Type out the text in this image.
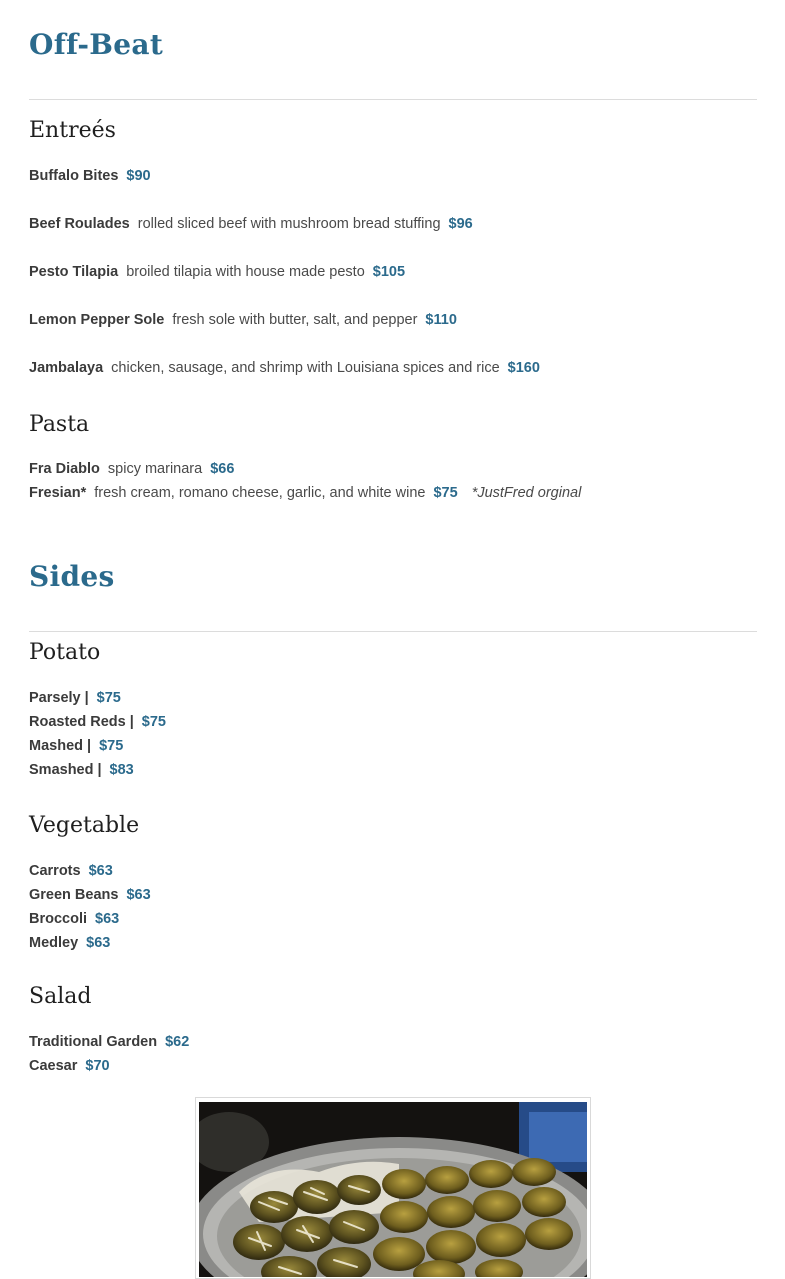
Off-Beat
Entreés
Buffalo Bites $90
Beef Roulades rolled sliced beef with mushroom bread stuffing $96
Pesto Tilapia broiled tilapia with house made pesto $105
Lemon Pepper Sole fresh sole with butter, salt, and pepper $110
Jambalaya chicken, sausage, and shrimp with Louisiana spices and rice $160
Pasta
Fra Diablo spicy marinara $66
Fresian* fresh cream, romano cheese, garlic, and white wine $75 *JustFred orginal
Sides
Potato
Parsely | $75
Roasted Reds | $75
Mashed | $75
Smashed | $83
Vegetable
Carrots $63
Green Beans $63
Broccoli $63
Medley $63
Salad
Traditional Garden $62
Caesar $70
